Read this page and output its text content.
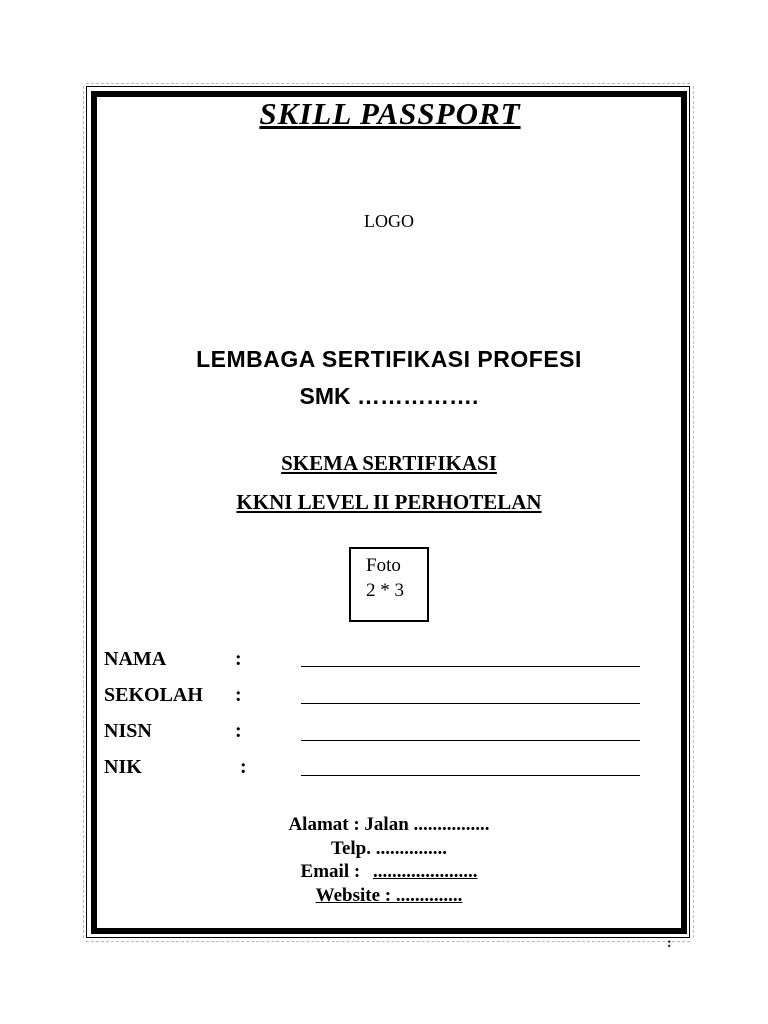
SKILL PASSPORT
LOGO
LEMBAGA SERTIFIKASI PROFESI
SMK …………….
SKEMA SERTIFIKASI
KKNI LEVEL II PERHOTELAN
Foto
2 * 3
NAMA	:
SEKOLAH :
NISN	:
NIK	:
Alamat : Jalan ................
Telp. ...............
Email : ......................
Website : ..............
:
